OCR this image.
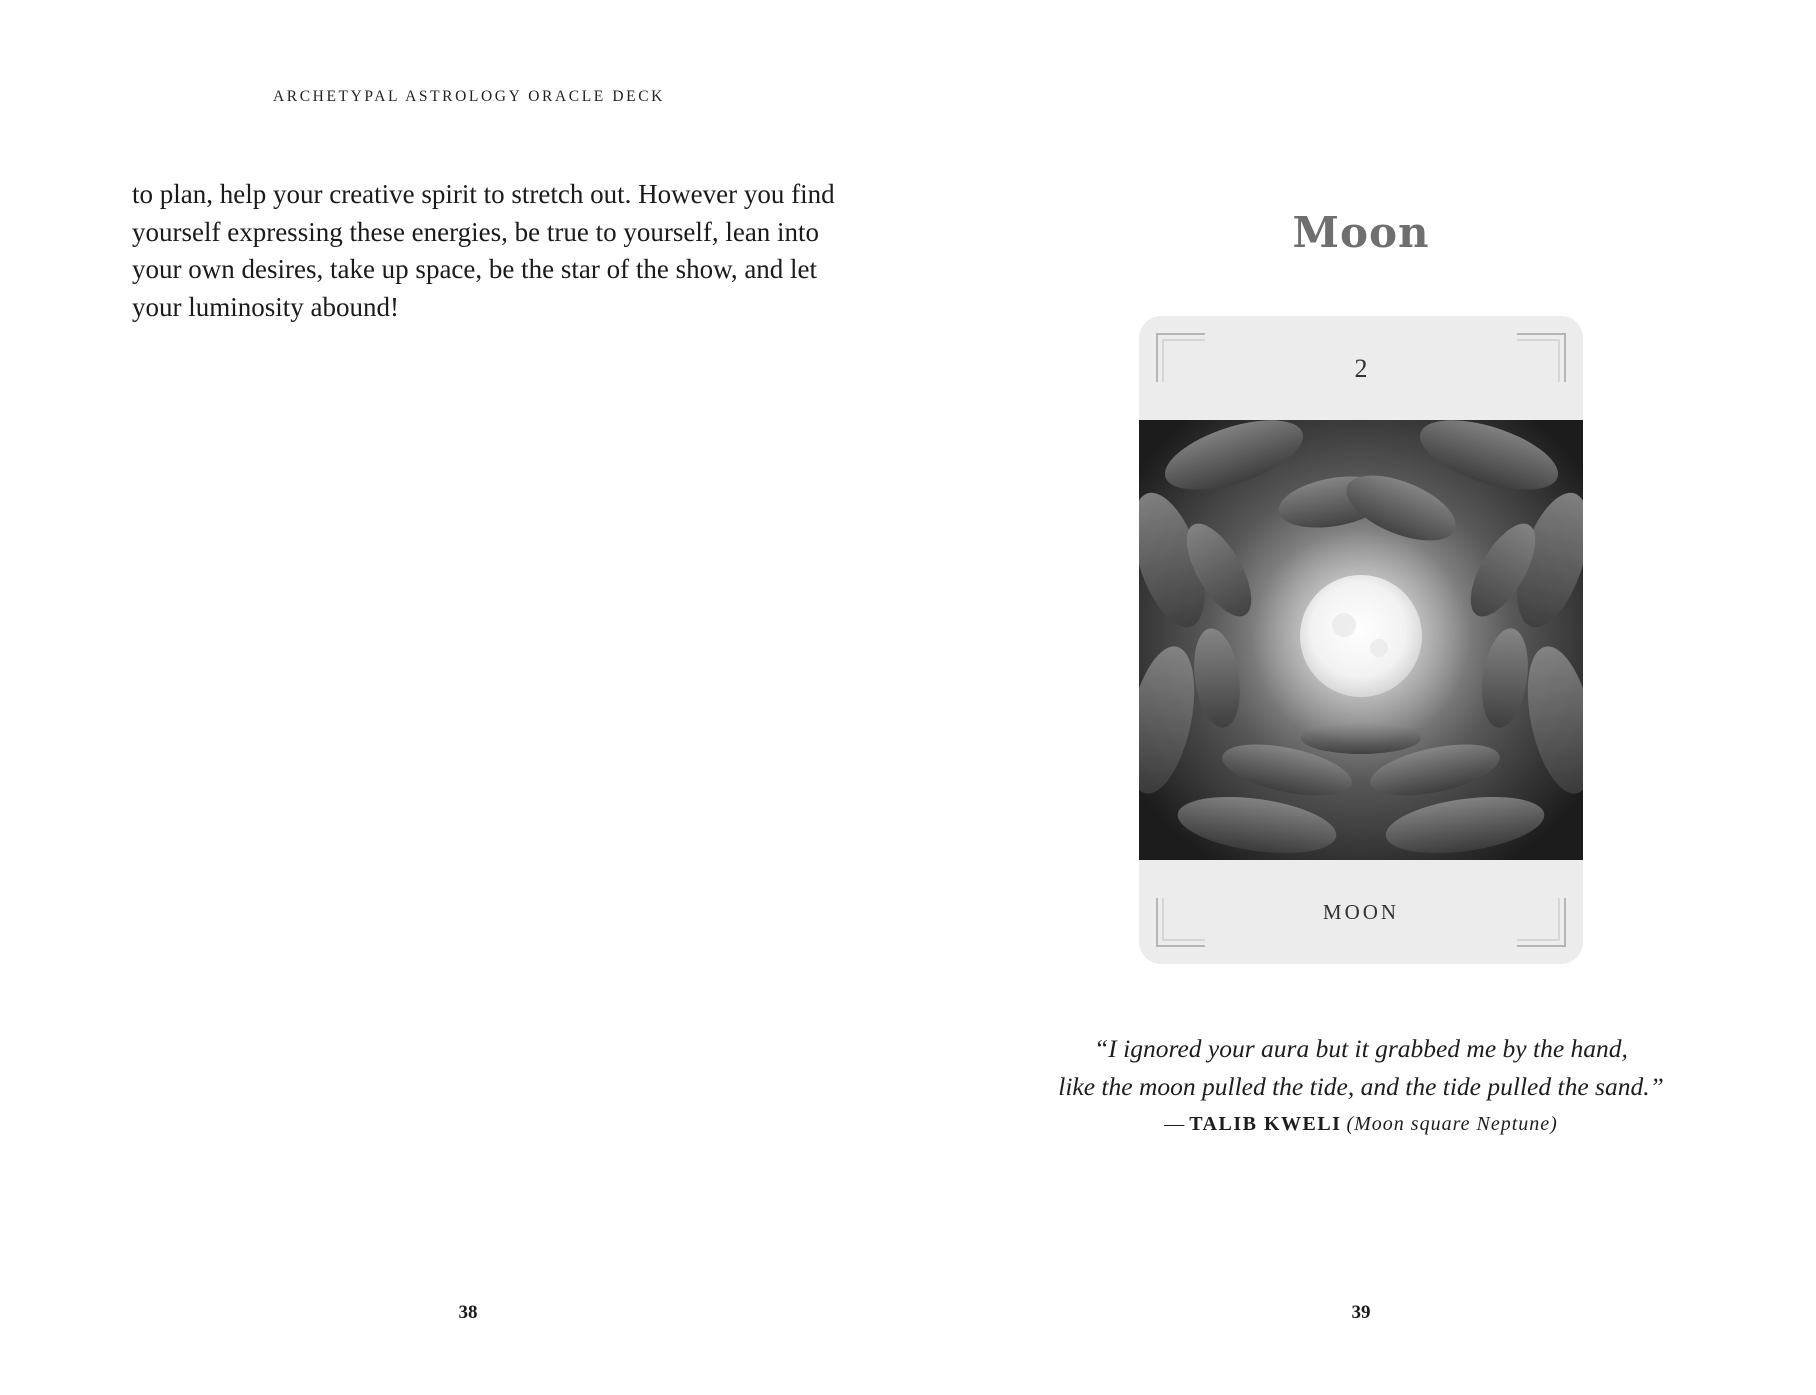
ARCHETYPAL ASTROLOGY ORACLE DECK
to plan, help your creative spirit to stretch out. However you find
yourself expressing these energies, be true to yourself, lean into
your own desires, take up space, be the star of the show, and let
your luminosity abound!
38
Moon
2
MOON
“I ignored your aura but it grabbed me by the hand,
like the moon pulled the tide, and the tide pulled the sand.”
— TALIB KWELI (Moon square Neptune)
39
